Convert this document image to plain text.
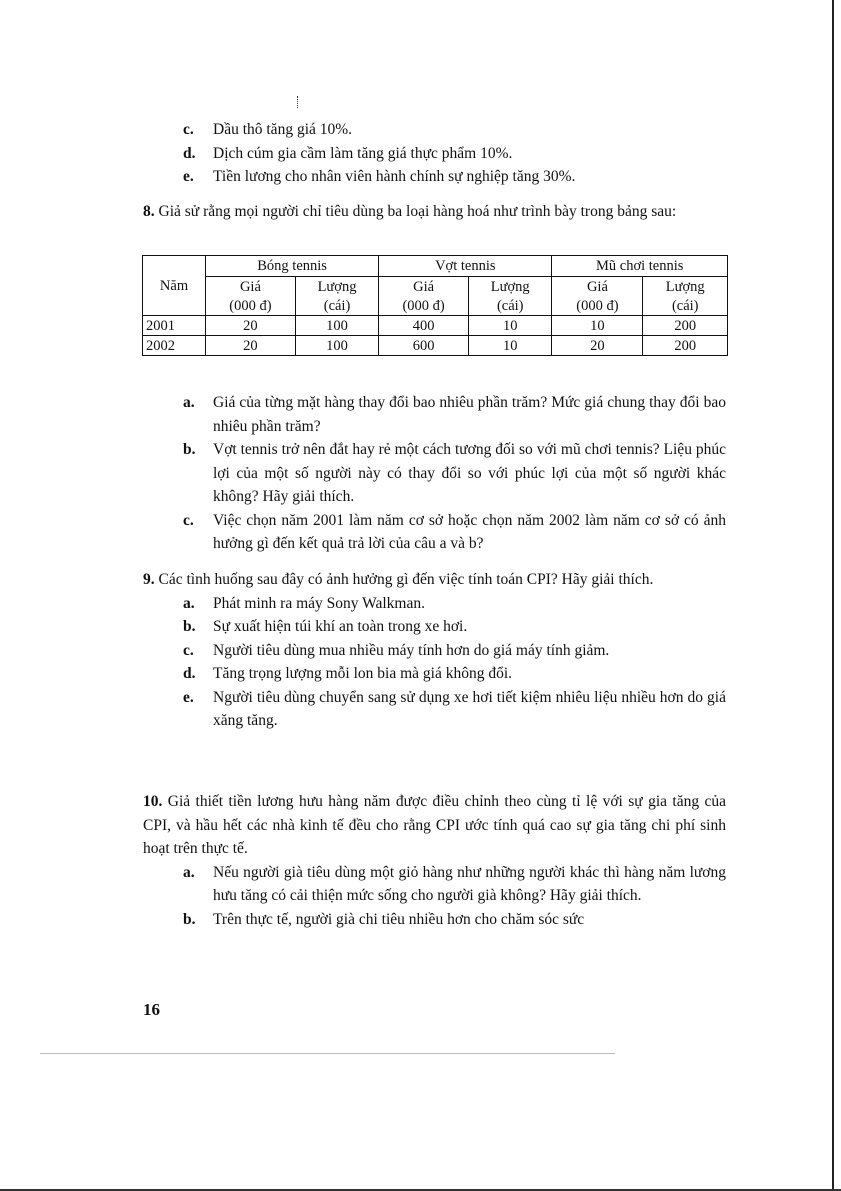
c. Dầu thô tăng giá 10%.
d. Dịch cúm gia cầm làm tăng giá thực phẩm 10%.
e. Tiền lương cho nhân viên hành chính sự nghiệp tăng 30%.
8. Giả sử rằng mọi người chỉ tiêu dùng ba loại hàng hoá như trình bày trong bảng sau:
Năm	Bóng tennis		Vợt tennis		Mũ chơi tennis	
	Giá	Lượng	Giá	Lượng	Giá	Lượng
	(000 đ)	(cái)	(000 đ)	(cái)	(000 đ)	(cái)
2001	20	100	400	10	10	200
2002	20	100	600	10	20	200
a. Giá của từng mặt hàng thay đổi bao nhiêu phần trăm? Mức giá chung thay đổi bao nhiêu phần trăm?
b. Vợt tennis trở nên đắt hay rẻ một cách tương đối so với mũ chơi tennis? Liệu phúc lợi của một số người này có thay đổi so với phúc lợi của một số người khác không? Hãy giải thích.
c. Việc chọn năm 2001 làm năm cơ sở hoặc chọn năm 2002 làm năm cơ sở có ảnh hưởng gì đến kết quả trả lời của câu a và b?
9. Các tình huống sau đây có ảnh hưởng gì đến việc tính toán CPI? Hãy giải thích.
a. Phát minh ra máy Sony Walkman.
b. Sự xuất hiện túi khí an toàn trong xe hơi.
c. Người tiêu dùng mua nhiều máy tính hơn do giá máy tính giảm.
d. Tăng trọng lượng mỗi lon bia mà giá không đổi.
e. Người tiêu dùng chuyển sang sử dụng xe hơi tiết kiệm nhiêu liệu nhiều hơn do giá xăng tăng.
10. Giả thiết tiền lương hưu hàng năm được điều chỉnh theo cùng tỉ lệ với sự gia tăng của CPI, và hầu hết các nhà kinh tế đều cho rằng CPI ước tính quá cao sự gia tăng chi phí sinh hoạt trên thực tế.
a. Nếu người già tiêu dùng một giỏ hàng như những người khác thì hàng năm lương hưu tăng có cải thiện mức sống cho người già không? Hãy giải thích.
b. Trên thực tế, người già chi tiêu nhiều hơn cho chăm sóc sức
16
